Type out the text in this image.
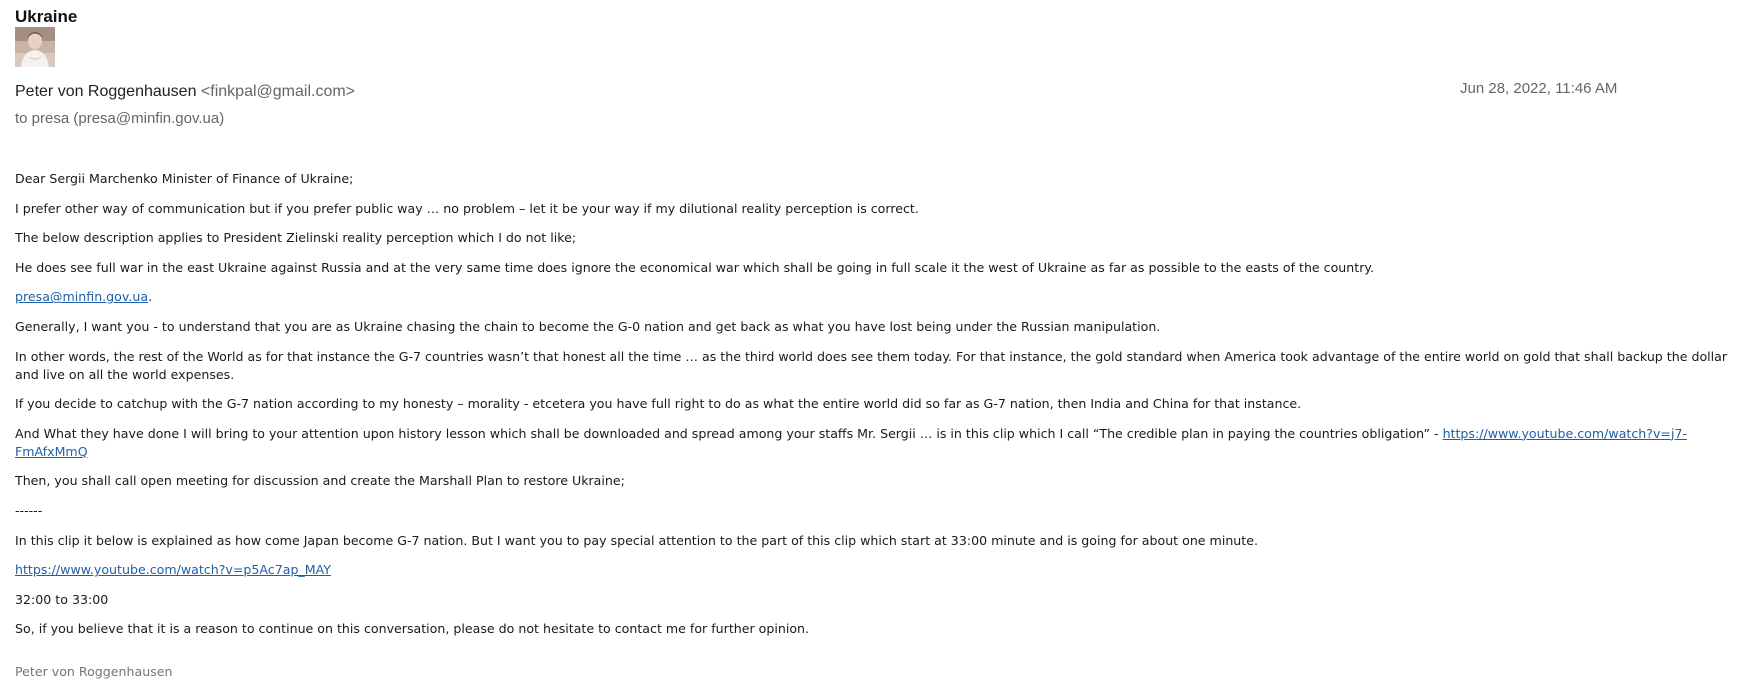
Ukraine
Peter von Roggenhausen <finkpal@gmail.com>
to presa (presa@minfin.gov.ua)
Jun 28, 2022, 11:46 AM

Dear Sergii Marchenko Minister of Finance of Ukraine;

I prefer other way of communication but if you prefer public way … no problem – let it be your way if my dilutional reality perception is correct.

The below description applies to President Zielinski reality perception which I do not like;

He does see full war in the east Ukraine against Russia and at the very same time does ignore the economical war which shall be going in full scale it the west of Ukraine as far as possible to the easts of the country.

presa@minfin.gov.ua.

Generally, I want you - to understand that you are as Ukraine chasing the chain to become the G-0 nation and get back as what you have lost being under the Russian manipulation.

In other words, the rest of the World as for that instance the G-7 countries wasn’t that honest all the time … as the third world does see them today. For that instance, the gold standard when America took advantage of the entire world on gold that shall backup the dollar and live on all the world expenses.

If you decide to catchup with the G-7 nation according to my honesty – morality - etcetera you have full right to do as what the entire world did so far as G-7 nation, then India and China for that instance.

And What they have done I will bring to your attention upon history lesson which shall be downloaded and spread among your staffs Mr. Sergii … is in this clip which I call “The credible plan in paying the countries obligation” - https://www.youtube.com/watch?v=j7-FmAfxMmQ

Then, you shall call open meeting for discussion and create the Marshall Plan to restore Ukraine;

------

In this clip it below is explained as how come Japan become G-7 nation. But I want you to pay special attention to the part of this clip which start at 33:00 minute and is going for about one minute.

https://www.youtube.com/watch?v=p5Ac7ap_MAY

32:00 to 33:00

So, if you believe that it is a reason to continue on this conversation, please do not hesitate to contact me for further opinion.

Peter von Roggenhausen
